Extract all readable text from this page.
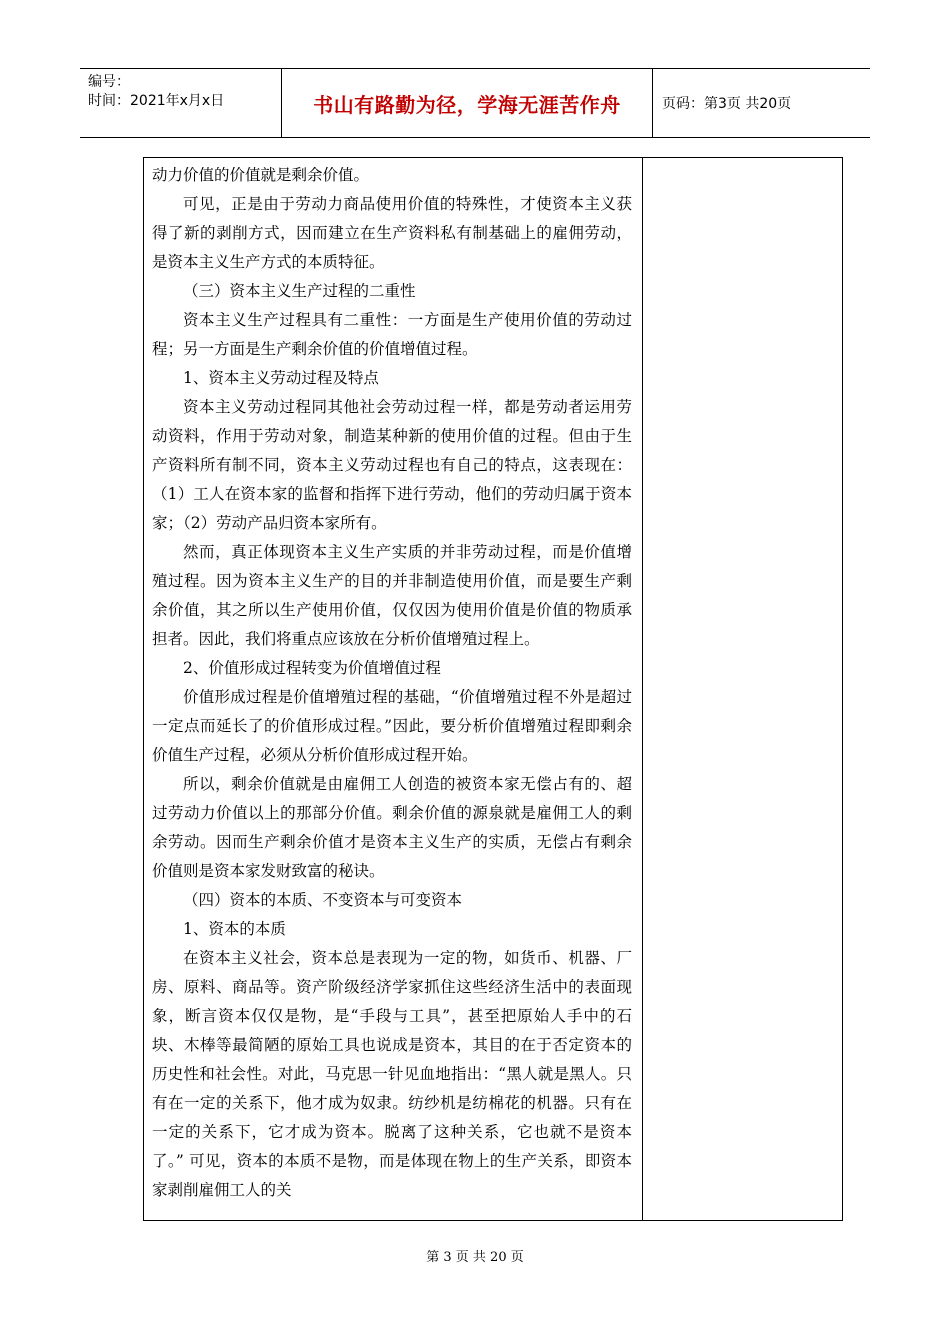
编号：
时间：2021年x月x日	书山有路勤为径，学海无涯苦作舟	页码：第3页 共20页

动力价值的价值就是剩余价值。

可见，正是由于劳动力商品使用价值的特殊性，才使资本主义获得了新的剥削方式，因而建立在生产资料私有制基础上的雇佣劳动，是资本主义生产方式的本质特征。

（三）资本主义生产过程的二重性

资本主义生产过程具有二重性：一方面是生产使用价值的劳动过程；另一方面是生产剩余价值的价值增值过程。

1、资本主义劳动过程及特点

资本主义劳动过程同其他社会劳动过程一样，都是劳动者运用劳动资料，作用于劳动对象，制造某种新的使用价值的过程。但由于生产资料所有制不同，资本主义劳动过程也有自己的特点，这表现在：（1）工人在资本家的监督和指挥下进行劳动，他们的劳动归属于资本家；（2）劳动产品归资本家所有。

然而，真正体现资本主义生产实质的并非劳动过程，而是价值增殖过程。因为资本主义生产的目的并非制造使用价值，而是要生产剩余价值，其之所以生产使用价值，仅仅因为使用价值是价值的物质承担者。因此，我们将重点应该放在分析价值增殖过程上。

2、价值形成过程转变为价值增值过程

价值形成过程是价值增殖过程的基础，“价值增殖过程不外是超过一定点而延长了的价值形成过程。”因此，要分析价值增殖过程即剩余价值生产过程，必须从分析价值形成过程开始。

所以，剩余价值就是由雇佣工人创造的被资本家无偿占有的、超过劳动力价值以上的那部分价值。剩余价值的源泉就是雇佣工人的剩余劳动。因而生产剩余价值才是资本主义生产的实质，无偿占有剩余价值则是资本家发财致富的秘诀。

（四）资本的本质、不变资本与可变资本

1、资本的本质

在资本主义社会，资本总是表现为一定的物，如货币、机器、厂房、原料、商品等。资产阶级经济学家抓住这些经济生活中的表面现象，断言资本仅仅是物，是“手段与工具”，甚至把原始人手中的石块、木棒等最简陋的原始工具也说成是资本，其目的在于否定资本的历史性和社会性。对此，马克思一针见血地指出：“黑人就是黑人。只有在一定的关系下，他才成为奴隶。纺纱机是纺棉花的机器。只有在一定的关系下，它才成为资本。脱离了这种关系，它也就不是资本了。” 可见，资本的本质不是物，而是体现在物上的生产关系，即资本家剥削雇佣工人的关

第 3 页 共 20 页
